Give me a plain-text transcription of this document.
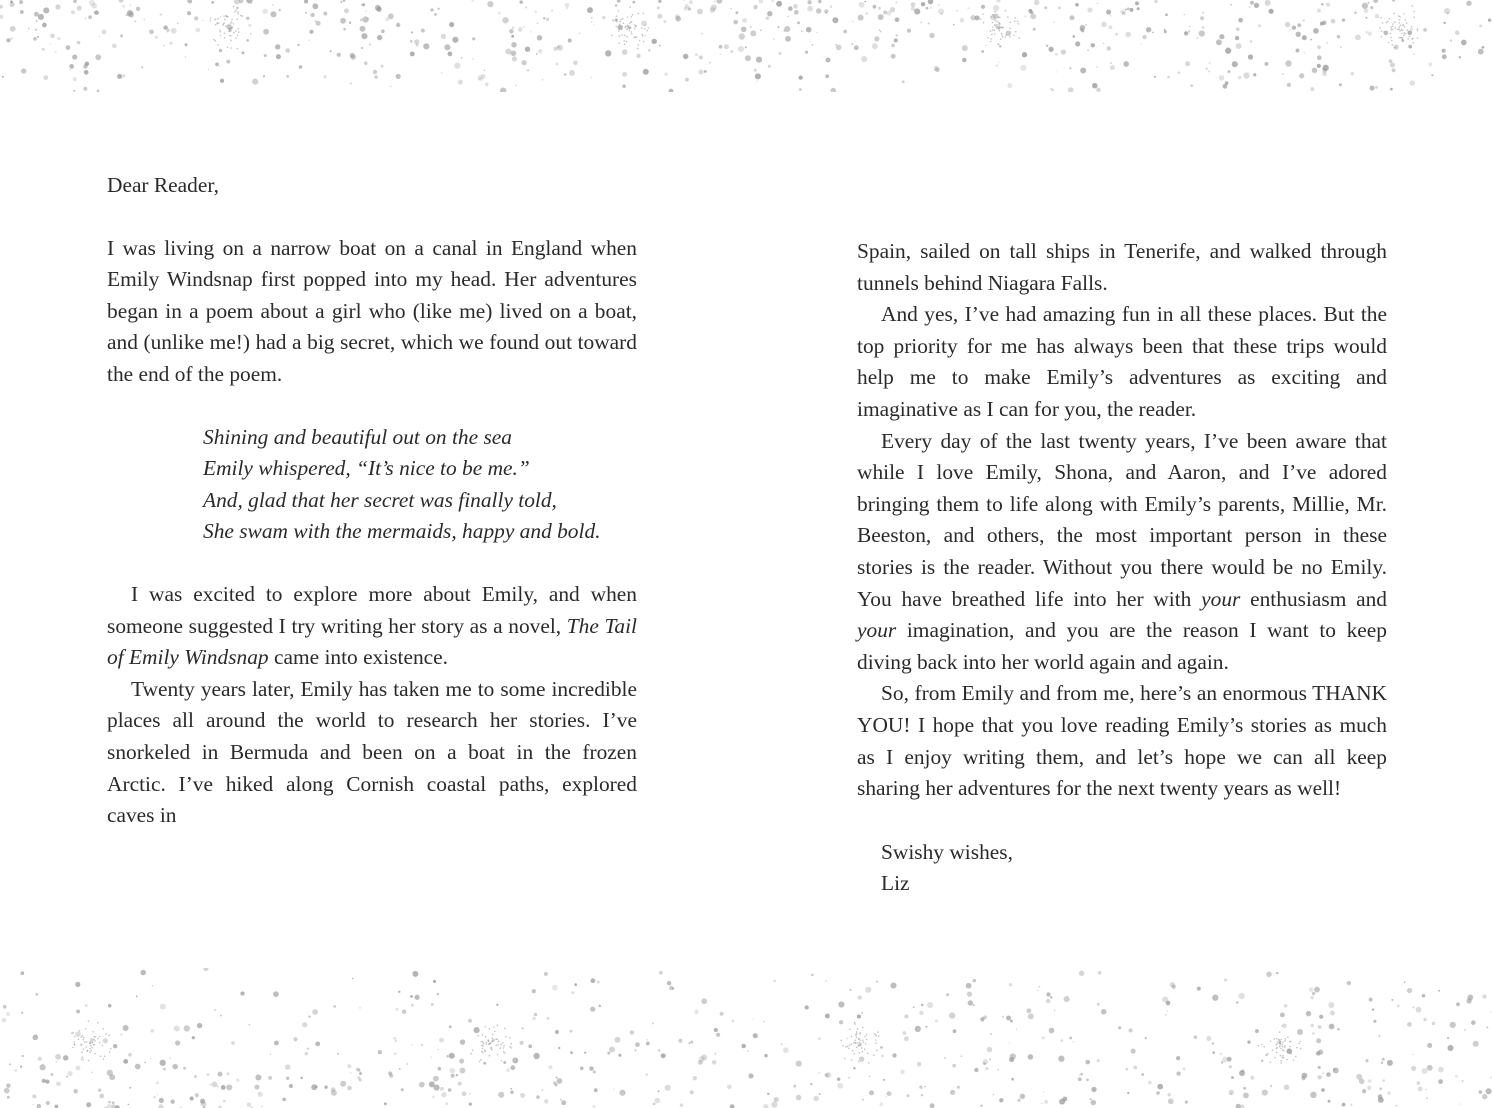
Dear Reader,

I was living on a narrow boat on a canal in England when Emily Windsnap first popped into my head. Her adventures began in a poem about a girl who (like me) lived on a boat, and (unlike me!) had a big secret, which we found out toward the end of the poem.

Shining and beautiful out on the sea
Emily whispered, “It’s nice to be me.”
And, glad that her secret was finally told,
She swam with the mermaids, happy and bold.

I was excited to explore more about Emily, and when someone suggested I try writing her story as a novel, The Tail of Emily Windsnap came into existence.

Twenty years later, Emily has taken me to some incredible places all around the world to research her stories. I’ve snorkeled in Bermuda and been on a boat in the frozen Arctic. I’ve hiked along Cornish coastal paths, explored caves in

Spain, sailed on tall ships in Tenerife, and walked through tunnels behind Niagara Falls.

And yes, I’ve had amazing fun in all these places. But the top priority for me has always been that these trips would help me to make Emily’s adventures as exciting and imaginative as I can for you, the reader.

Every day of the last twenty years, I’ve been aware that while I love Emily, Shona, and Aaron, and I’ve adored bringing them to life along with Emily’s parents, Millie, Mr. Beeston, and others, the most important person in these stories is the reader. Without you there would be no Emily. You have breathed life into her with your enthusiasm and your imagination, and you are the reason I want to keep diving back into her world again and again.

So, from Emily and from me, here’s an enormous THANK YOU! I hope that you love reading Emily’s stories as much as I enjoy writing them, and let’s hope we can all keep sharing her adventures for the next twenty years as well!

Swishy wishes,
Liz
